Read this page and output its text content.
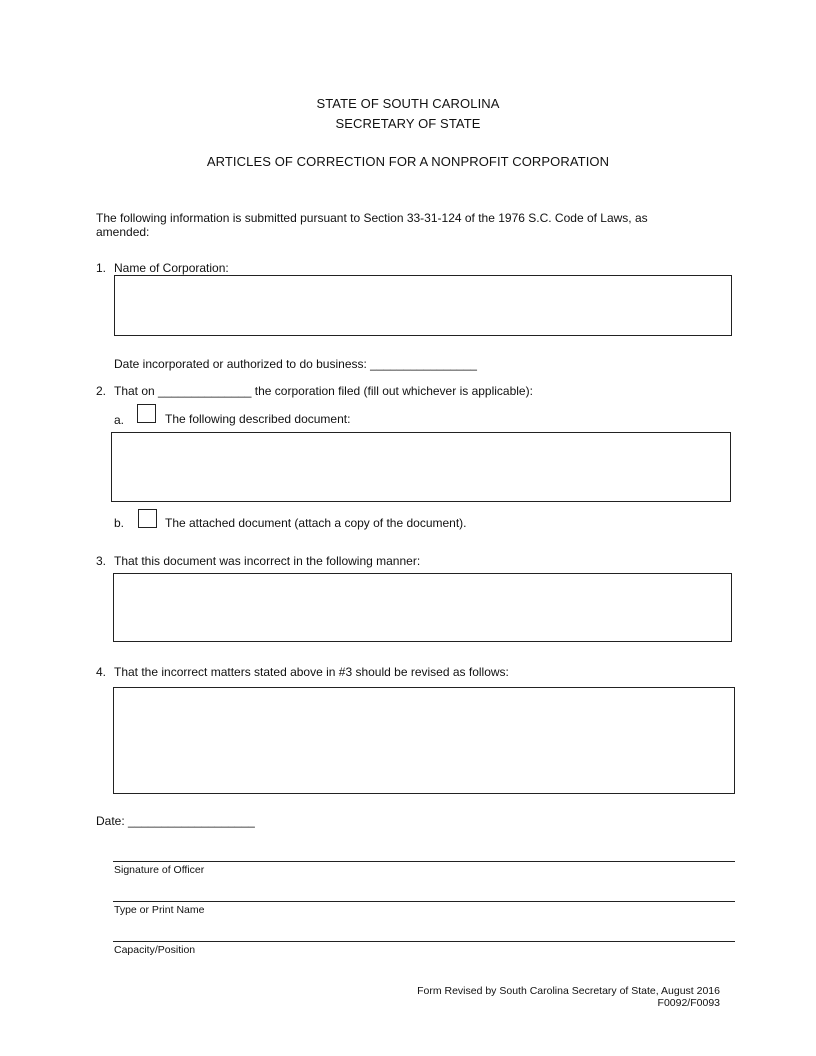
STATE OF SOUTH CAROLINA
SECRETARY OF STATE
ARTICLES OF CORRECTION FOR A NONPROFIT CORPORATION
The following information is submitted pursuant to Section 33-31-124 of the 1976 S.C. Code of Laws, as
amended:
1. Name of Corporation:
Date incorporated or authorized to do business: ________________
2. That on ______________ the corporation filed (fill out whichever is applicable):
a.	The following described document:
b.	The attached document (attach a copy of the document).
3. That this document was incorrect in the following manner:
4. That the incorrect matters stated above in #3 should be revised as follows:
Date: ___________________
Signature of Officer
Type or Print Name
Capacity/Position
Form Revised by South Carolina Secretary of State, August 2016
F0092/F0093
